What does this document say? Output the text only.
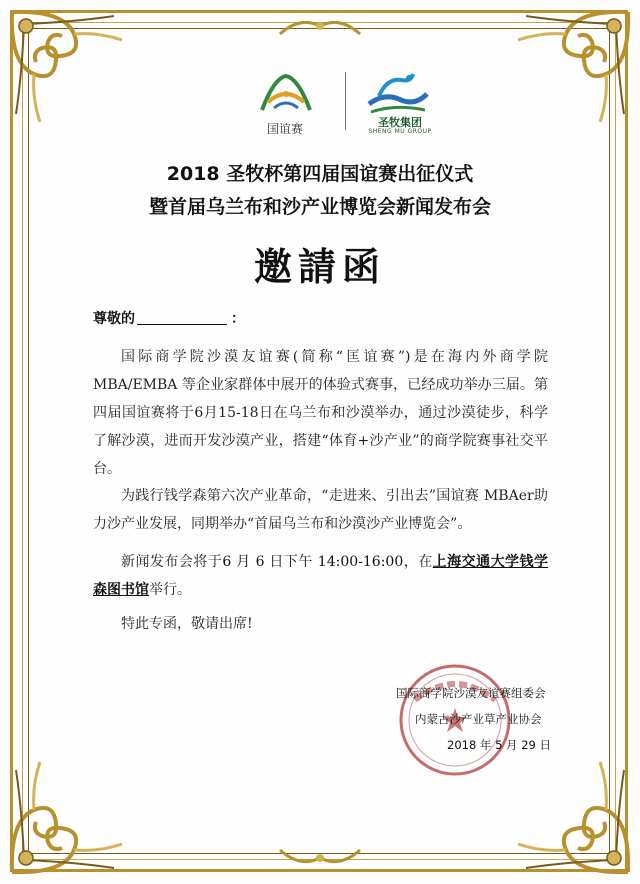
国谊赛	圣牧集团
SHENG MU GROUP
2018 圣牧杯第四届国谊赛出征仪式
暨首届乌兰布和沙产业博览会新闻发布会
邀請函
尊敬的	：
国际商学院沙漠友谊赛(简称“匡谊赛”)是在海内外商学院MBA/EMBA 等企业家群体中展开的体验式赛事，已经成功举办三届。第四届国谊赛将于6月15-18日在乌兰布和沙漠举办，通过沙漠徒步，科学了解沙漠，进而开发沙漠产业，搭建“体育+沙产业”的商学院赛事社交平台。
为践行钱学森第六次产业革命，“走进来、引出去”国谊赛 MBAer助力沙产业发展，同期举办“首届乌兰布和沙漠沙产业博览会”。
新闻发布会将于6 月 6 日下午 14:00-16:00，在上海交通大学钱学森图书馆举行。
特此专函，敬请出席!
国际商学院沙漠友谊赛组委会
内蒙古沙产业草产业协会
2018 年 5 月 29 日
